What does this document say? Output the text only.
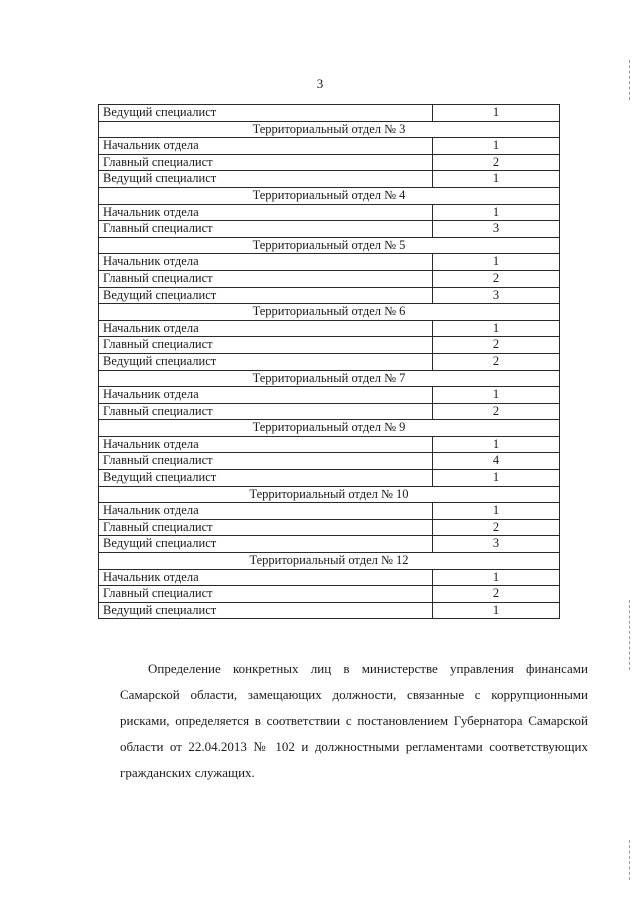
3
Ведущий специалист	1
Территориальный отдел № 3	
Начальник отдела	1
Главный специалист	2
Ведущий специалист	1
Территориальный отдел № 4	
Начальник отдела	1
Главный специалист	3
Территориальный отдел № 5	
Начальник отдела	1
Главный специалист	2
Ведущий специалист	3
Территориальный отдел № 6	
Начальник отдела	1
Главный специалист	2
Ведущий специалист	2
Территориальный отдел № 7	
Начальник отдела	1
Главный специалист	2
Территориальный отдел № 9	
Начальник отдела	1
Главный специалист	4
Ведущий специалист	1
Территориальный отдел № 10	
Начальник отдела	1
Главный специалист	2
Ведущий специалист	3
Территориальный отдел № 12	
Начальник отдела	1
Главный специалист	2
Ведущий специалист	1

Определение конкретных лиц в министерстве управления финансами Самарской области, замещающих должности, связанные с коррупционными рисками, определяется в соответствии с постановлением Губернатора Самарской области от 22.04.2013 № 102 и должностными регламентами соответствующих гражданских служащих.
